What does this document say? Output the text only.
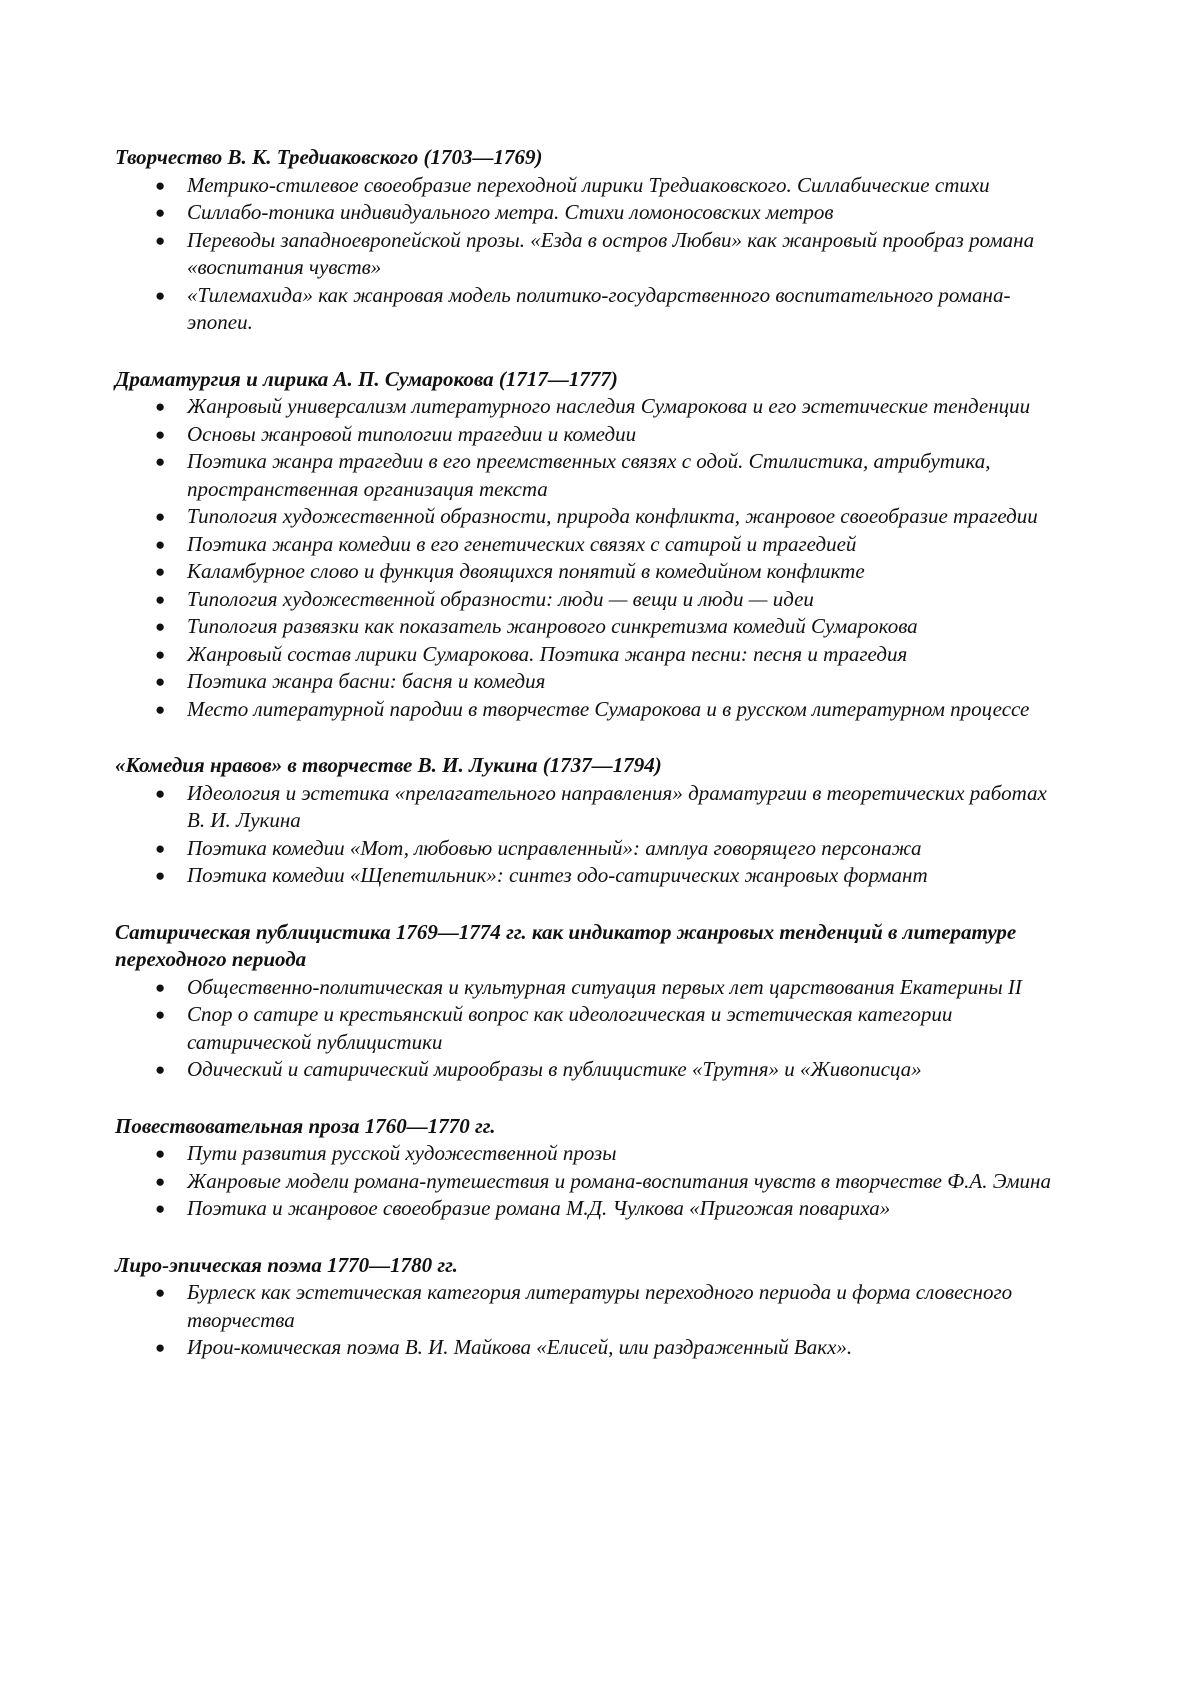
Творчество В. К. Тредиаковского (1703—1769)

● Метрико-стилевое своеобразие переходной лирики Тредиаковского. Силлабические стихи
● Силлабо-тоника индивидуального метра. Стихи ломоносовских метров
● Переводы западноевропейской прозы. «Езда в остров Любви» как жанровый прообраз романа «воспитания чувств»
● «Тилемахида» как жанровая модель политико-государственного воспитательного романа-эпопеи.

Драматургия и лирика А. П. Сумарокова (1717—1777)

● Жанровый универсализм литературного наследия Сумарокова и его эстетические тенденции
● Основы жанровой типологии трагедии и комедии
● Поэтика жанра трагедии в его преемственных связях с одой. Стилистика, атрибутика, пространственная организация текста
● Типология художественной образности, природа конфликта, жанровое своеобразие трагедии
● Поэтика жанра комедии в его генетических связях с сатирой и трагедией
● Каламбурное слово и функция двоящихся понятий в комедийном конфликте
● Типология художественной образности: люди — вещи и люди — идеи
● Типология развязки как показатель жанрового синкретизма комедий Сумарокова
● Жанровый состав лирики Сумарокова. Поэтика жанра песни: песня и трагедия
● Поэтика жанра басни: басня и комедия
● Место литературной пародии в творчестве Сумарокова и в русском литературном процессе

«Комедия нравов» в творчестве В. И. Лукина (1737—1794)

● Идеология и эстетика «прелагательного направления» драматургии в теоретических работах В. И. Лукина
● Поэтика комедии «Мот, любовью исправленный»: амплуа говорящего персонажа
● Поэтика комедии «Щепетильник»: синтез одо-сатирических жанровых формант

Сатирическая публицистика 1769—1774 гг. как индикатор жанровых тенденций в литературе переходного периода

● Общественно-политическая и культурная ситуация первых лет царствования Екатерины II
● Спор о сатире и крестьянский вопрос как идеологическая и эстетическая категории сатирической публицистики
● Одический и сатирический мирообразы в публицистике «Трутня» и «Живописца»

Повествовательная проза 1760—1770 гг.

● Пути развития русской художественной прозы
● Жанровые модели романа-путешествия и романа-воспитания чувств в творчестве Ф.А. Эмина
● Поэтика и жанровое своеобразие романа М.Д. Чулкова «Пригожая повариха»

Лиро-эпическая поэма 1770—1780 гг.

● Бурлеск как эстетическая категория литературы переходного периода и форма словесного творчества
● Ирои-комическая поэма В. И. Майкова «Елисей, или раздраженный Вакх».
